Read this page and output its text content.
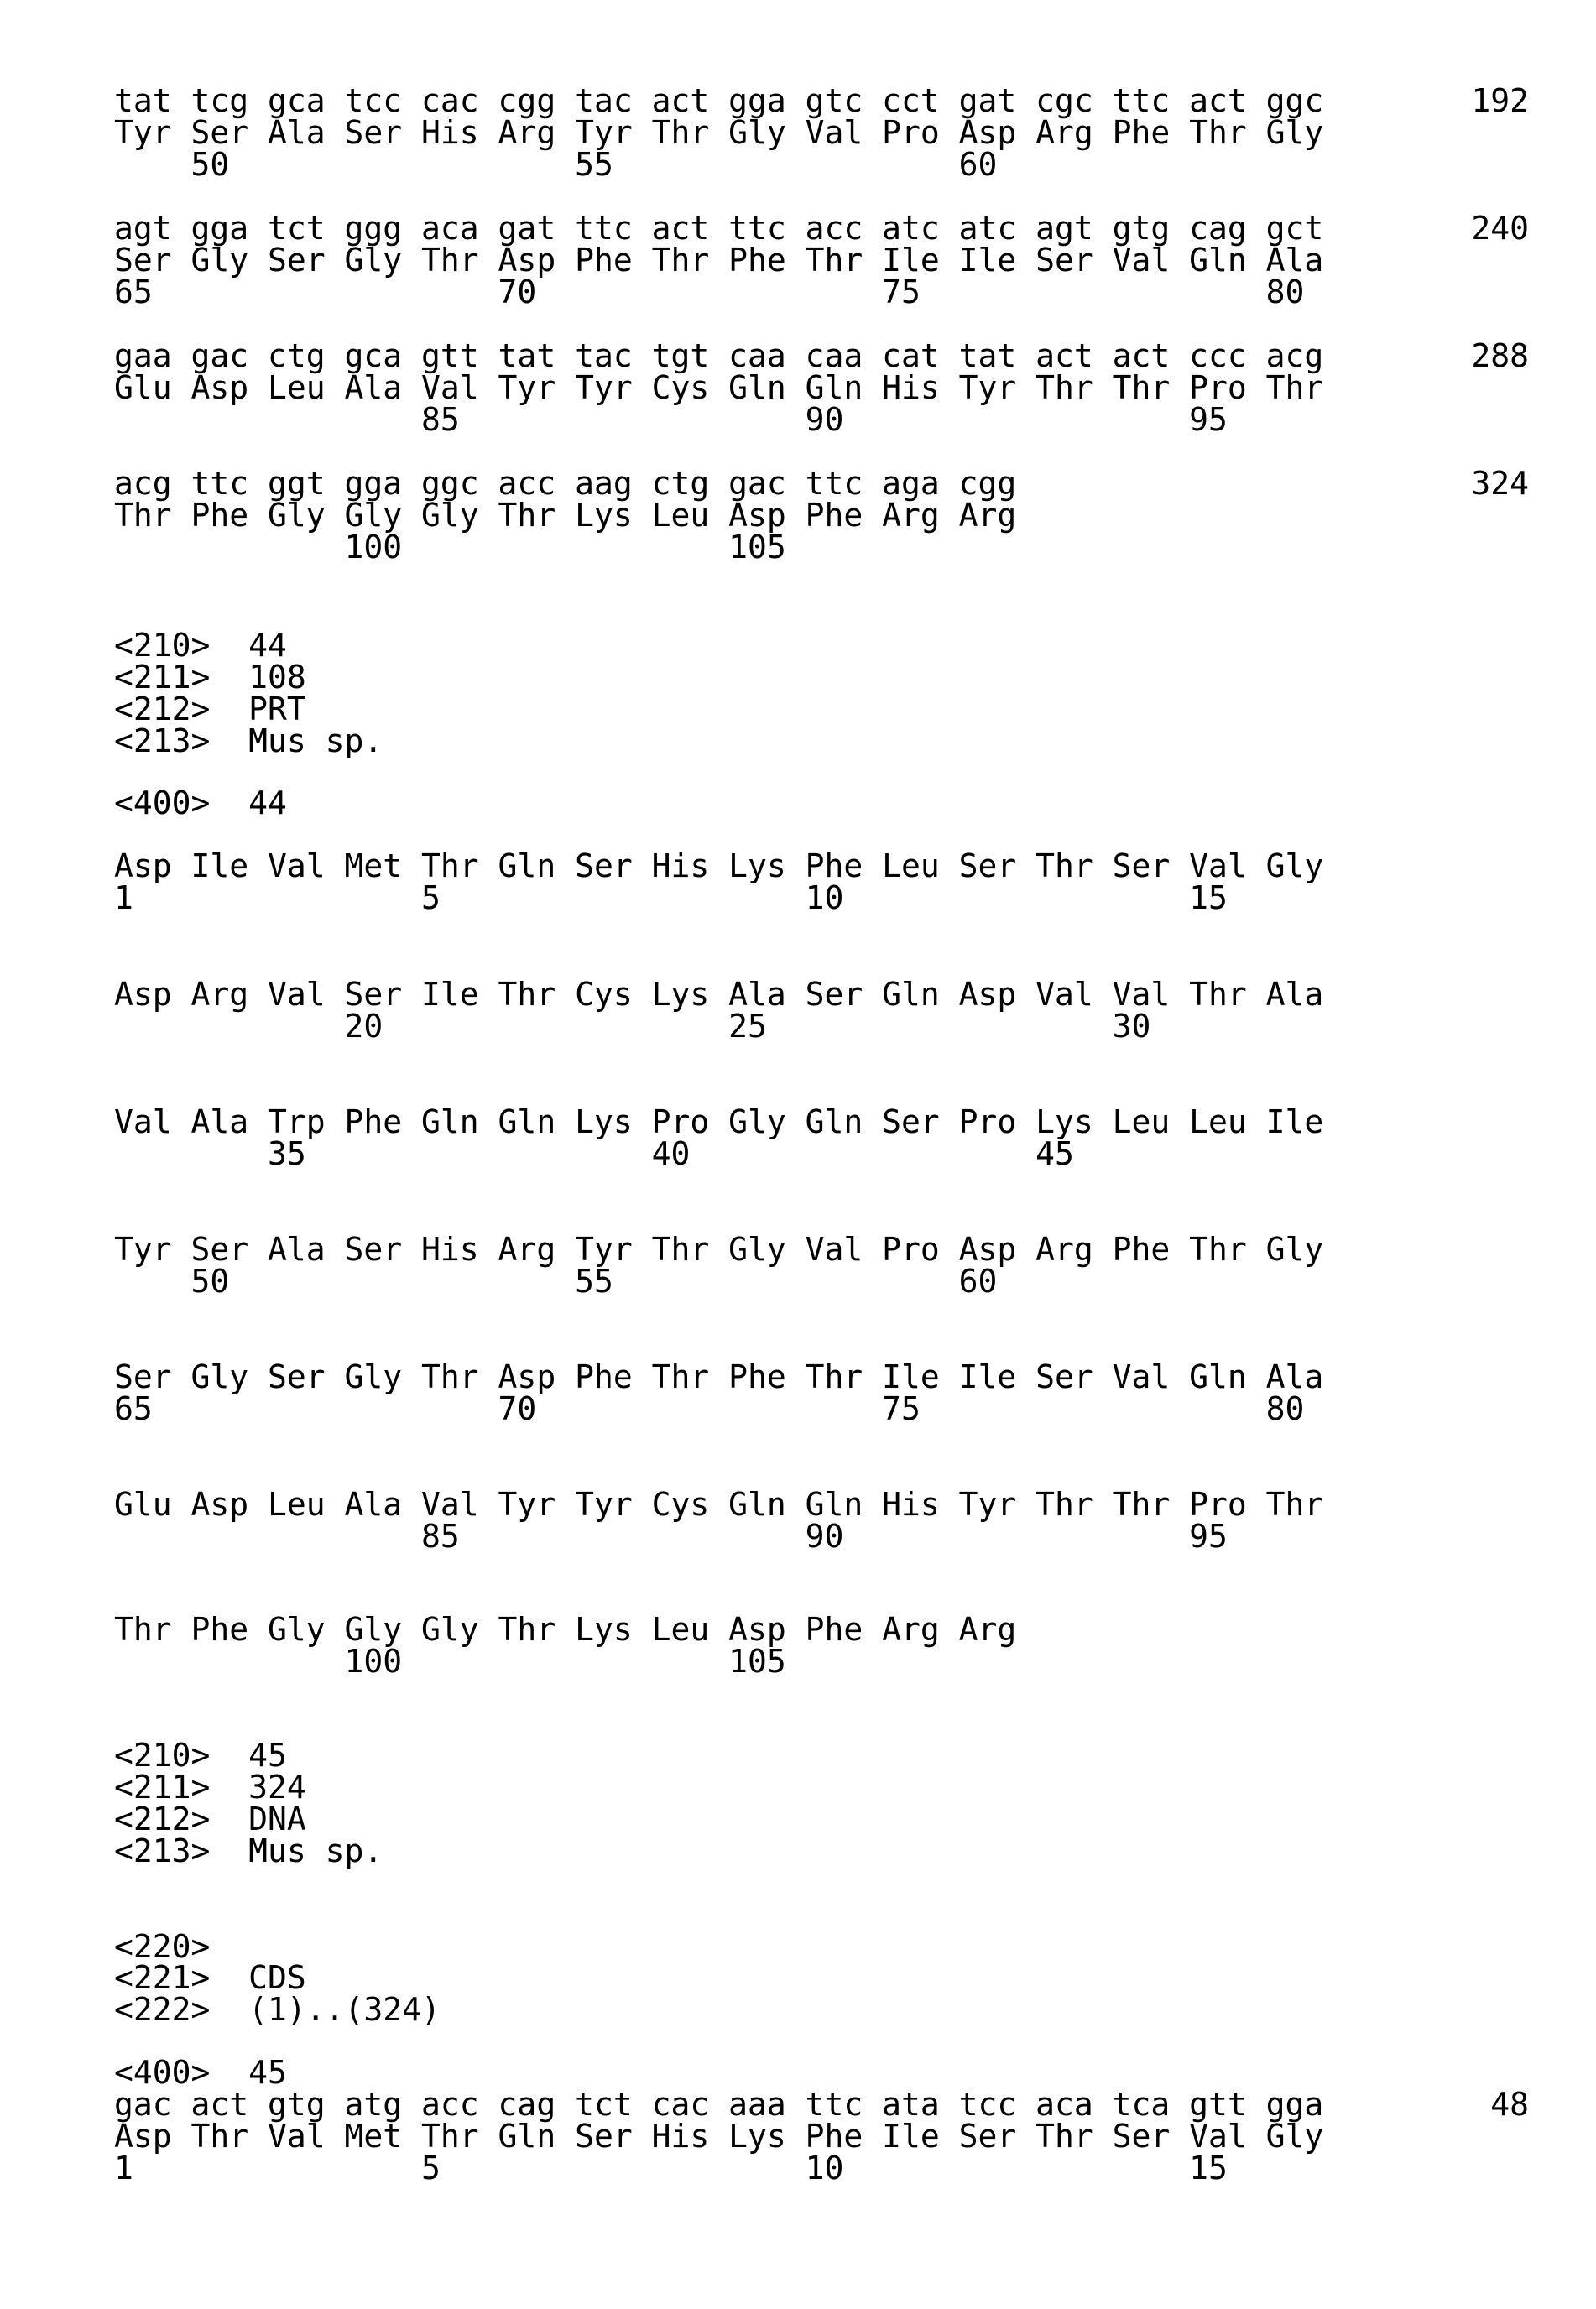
tat tcg gca tcc cac cgg tac act gga gtc cct gat cgc ttc act ggc	192
Tyr Ser Ala Ser His Arg Tyr Thr Gly Val Pro Asp Arg Phe Thr Gly
50                  55                  60
agt gga tct ggg aca gat ttc act ttc acc atc atc agt gtg cag gct	240
Ser Gly Ser Gly Thr Asp Phe Thr Phe Thr Ile Ile Ser Val Gln Ala
65                  70                  75                  80
gaa gac ctg gca gtt tat tac tgt caa caa cat tat act act ccc acg	288
Glu Asp Leu Ala Val Tyr Tyr Cys Gln Gln His Tyr Thr Thr Pro Thr
85                  90                  95
acg ttc ggt gga ggc acc aag ctg gac ttc aga cgg	324
Thr Phe Gly Gly Gly Thr Lys Leu Asp Phe Arg Arg
100                 105
<210> 44
<211> 108
<212> PRT
<213> Mus sp.
<400> 44
Asp Ile Val Met Thr Gln Ser His Lys Phe Leu Ser Thr Ser Val Gly
1               5                   10                  15
Asp Arg Val Ser Ile Thr Cys Lys Ala Ser Gln Asp Val Val Thr Ala
20                  25                  30
Val Ala Trp Phe Gln Gln Lys Pro Gly Gln Ser Pro Lys Leu Leu Ile
35                  40                  45
Tyr Ser Ala Ser His Arg Tyr Thr Gly Val Pro Asp Arg Phe Thr Gly
50                  55                  60
Ser Gly Ser Gly Thr Asp Phe Thr Phe Thr Ile Ile Ser Val Gln Ala
65                  70                  75                  80
Glu Asp Leu Ala Val Tyr Tyr Cys Gln Gln His Tyr Thr Thr Pro Thr
85                  90                  95
Thr Phe Gly Gly Gly Thr Lys Leu Asp Phe Arg Arg
100                 105
<210> 45
<211> 324
<212> DNA
<213> Mus sp.
<220>
<221> CDS
<222> (1)..(324)
<400> 45
gac act gtg atg acc cag tct cac aaa ttc ata tcc aca tca gtt gga	48
Asp Thr Val Met Thr Gln Ser His Lys Phe Ile Ser Thr Ser Val Gly
1               5                   10                  15
